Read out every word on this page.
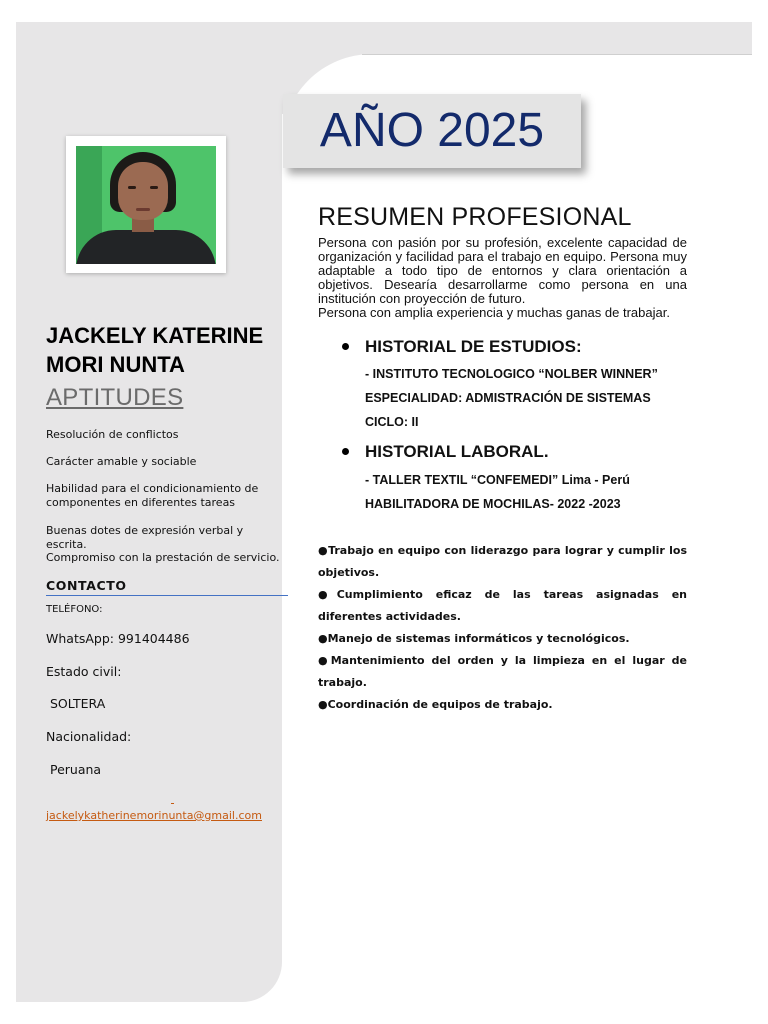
JACKELY KATERINE
MORI NUNTA
APTITUDES
Resolución de conflictos
Carácter amable y sociable
Habilidad para el condicionamiento de componentes en diferentes tareas
Buenas dotes de expresión verbal y escrita.
Compromiso con la prestación de servicio.
CONTACTO
TELÉFONO:
WhatsApp: 991404486
Estado civil:
SOLTERA
Nacionalidad:
Peruana
jackelykatherinemorinunta@gmail.com
AÑO 2025
RESUMEN PROFESIONAL

Persona con pasión por su profesión, excelente capacidad de organización y facilidad para el trabajo en equipo. Persona muy adaptable a todo tipo de entornos y clara orientación a objetivos. Desearía desarrollarme como persona en una institución con proyección de futuro.

Persona con amplia experiencia y muchas ganas de trabajar.

HISTORIAL DE ESTUDIOS:
- INSTITUTO TECNOLOGICO “NOLBER WINNER”
ESPECIALIDAD: ADMISTRACIÓN DE SISTEMAS
CICLO: II
HISTORIAL LABORAL.
- TALLER TEXTIL “CONFEMEDI” Lima - Perú
HABILITADORA DE MOCHILAS- 2022 -2023
●Trabajo en equipo con liderazgo para lograr y cumplir los objetivos.
●Cumplimiento eficaz de las tareas asignadas en diferentes actividades.
●Manejo de sistemas informáticos y tecnológicos.
●Mantenimiento del orden y la limpieza en el lugar de trabajo.
●Coordinación de equipos de trabajo.
